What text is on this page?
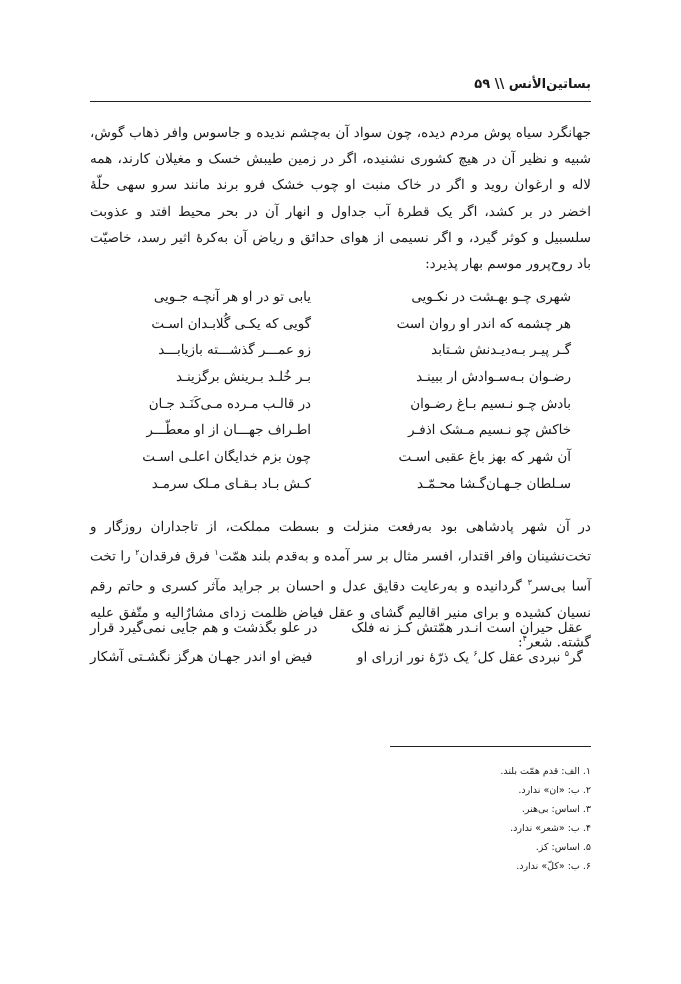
بساتین‌الأنس \\ ۵۹
جهانگرد سیاه پوش مردم دیده، چون سواد آن به‌چشم ندیده و جاسوس وافر ذهاب گوش، شبیه و نظیر آن در هیچ کشوری نشنیده، اگر در زمین طیبش خسک و مغیلان کارند، همه لاله و ارغوان روید و اگر در خاک منبت او چوب خشک فرو برند مانند سرو سهی حلّهٔ اخضر در بر کشد، اگر یک قطرهٔ آب جداول و انهار آن در بحر محیط افتد و عذوبت سلسبیل و کوثر گیرد، و اگر نسیمی از هوای حدائق و ریاض آن به‌کرهٔ اثیر رسد، خاصیّت باد روح‌پرور موسم بهار پذیرد:
شهری چـو بهـشت در نکـویی
یابی تو در او هر آنچـه جـویی
هر چشمه که اندر او روان است
گویی که یکـی گُلابـدان اسـت
گـر پیـر بـه‌دیـدنش شـتابد
زو عمـــر گذشـــته بازیابـــد
رضـوان بـه‌سـوادش ار ببینـد
بـر خُلـد بـرینش برگزینـد
بادش چـو نـسیم بـاغ رضـوان
در قالـب مـرده مـی‌کَنَـد جـان
خاکش چو نـسیم مـشک اذفـر
اطـراف جهـــان از او معطّـــر
آن شهر که بهز باغ عقبی اسـت
چون بزم خدایگان اعلـی اسـت
سـلطان جـهـان‌گـشا محـمّـد
کـش بـاد بـقـای مـلک سرمـد
در آن شهر پادشاهی بود به‌رفعت منزلت و بسطت مملکت، از تاجداران روزگار و تخت‌نشینان وافر اقتدار، افسر مثال بر سر آمده و به‌قدم بلند همّت$^۱$ فرق فرقدان$^۲$ را تخت آسا بی‌سر$^۳$ گردانیده و به‌رعایت دقایق عدل و احسان بر جراید مآثر کسری و حاتم رقم نسیان کشیده و برای منیر اقالیم گشای و عقل فیاض ظلمت زدای مشارٌالیه و متّفق علیه گشته. شعر$^۴$:
عقل حیران است انـدر همّتش کـز نه فلک
در علو بگذشت و هم جایی نمی‌گیرد قرار
گر$^۵$ نبردی عقل کل$^۶$ یک ذرّهٔ نور ازرای او
فیض او اندر جهـان هرگز نگشـتی آشکار
۱. الف: قدم همّت بلند.
۲. ب: «ان» ندارد.
۳. اساس: بی‌هنر.
۴. ب: «شعر» ندارد.
۵. اساس: کز.
۶. ب: «کلّ» ندارد.
